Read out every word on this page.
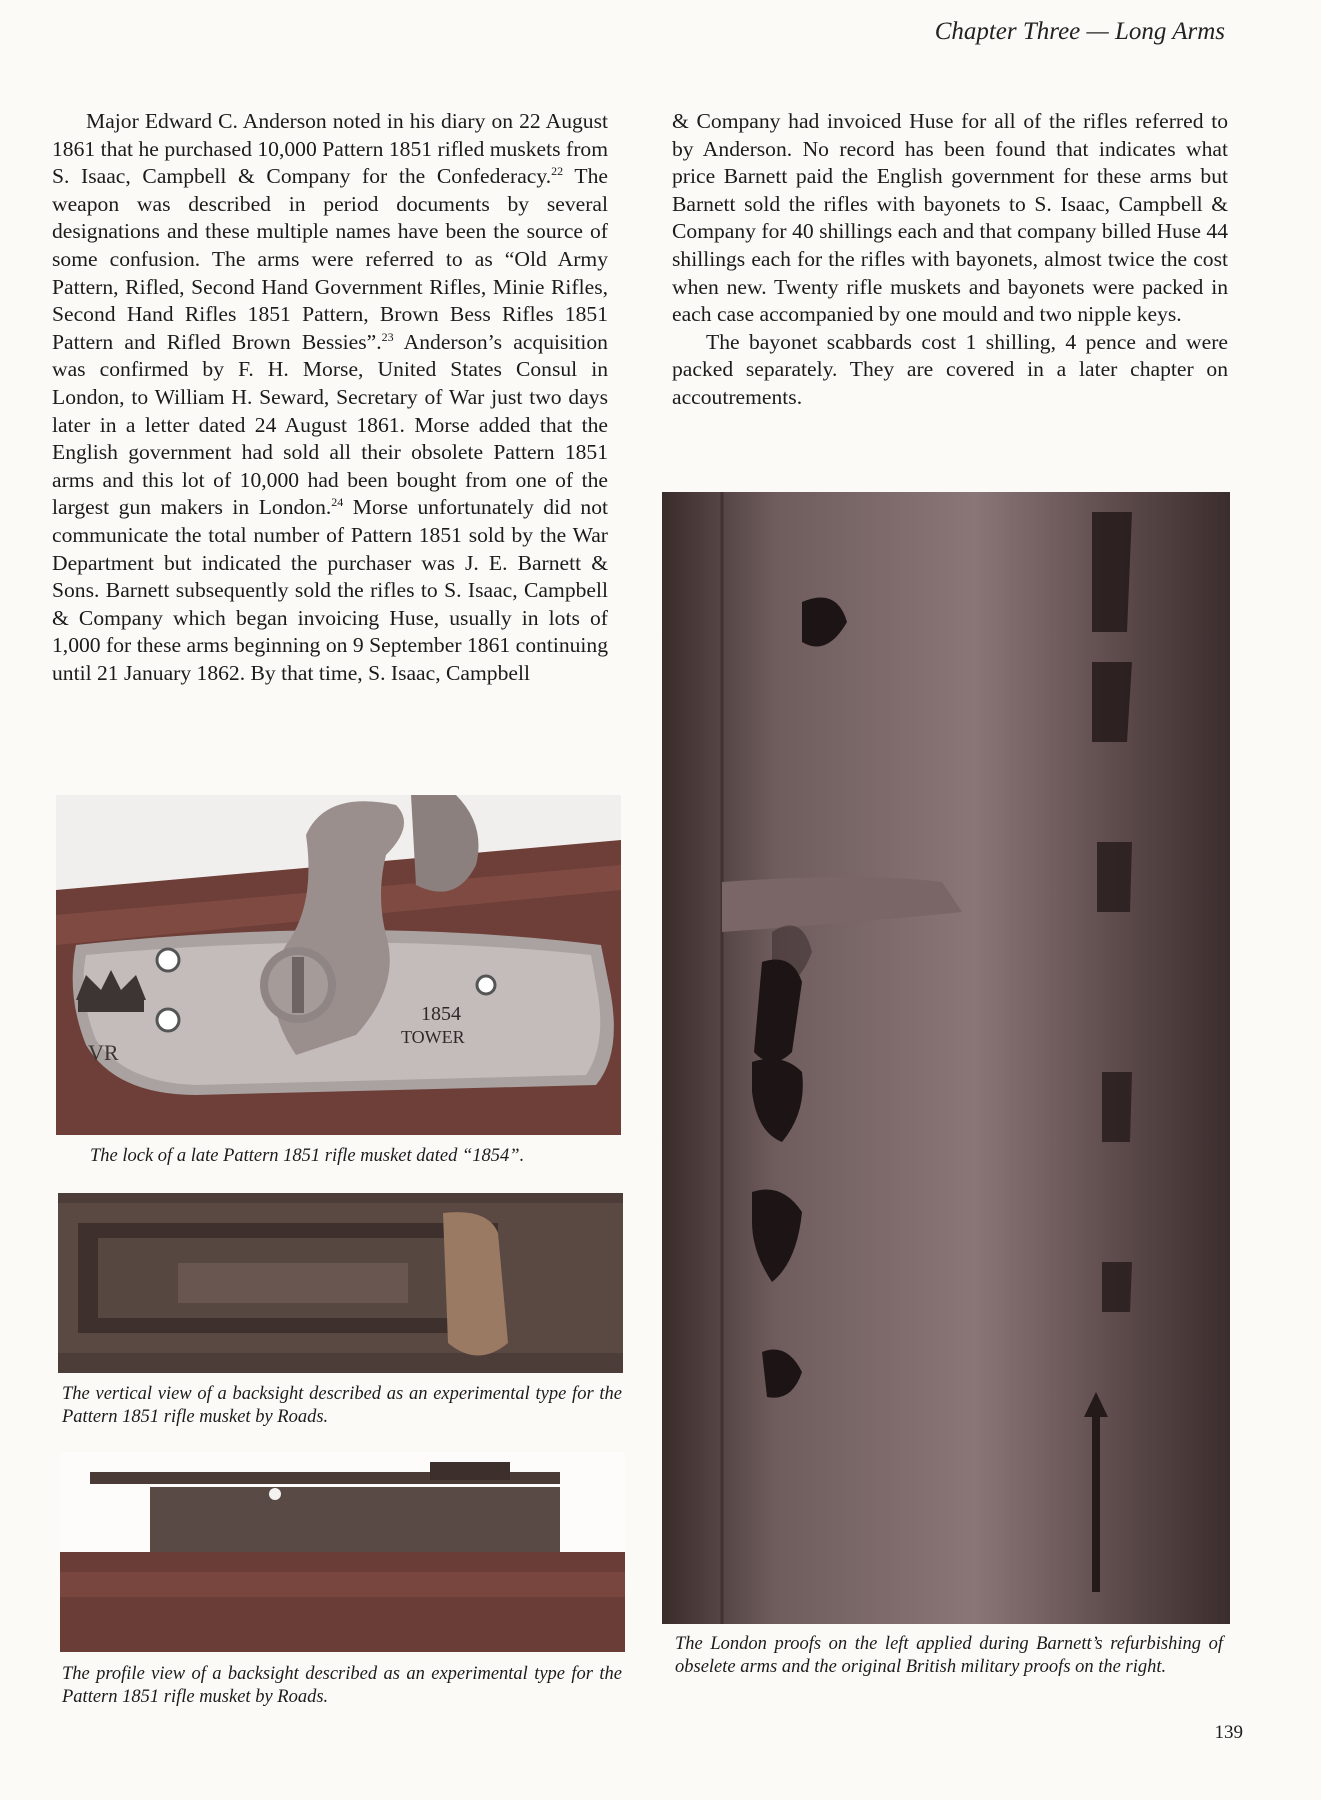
Chapter Three — Long Arms

Major Edward C. Anderson noted in his diary on 22 August 1861 that he purchased 10,000 Pattern 1851 rifled muskets from S. Isaac, Campbell & Company for the Confederacy.$^{22}$ The weapon was described in period documents by several designations and these multiple names have been the source of some confusion. The arms were referred to as “Old Army Pattern, Rifled, Second Hand Government Rifles, Minie Rifles, Second Hand Rifles 1851 Pattern, Brown Bess Rifles 1851 Pattern and Rifled Brown Bessies”.$^{23}$ Anderson’s acquisition was confirmed by F. H. Morse, United States Consul in London, to William H. Seward, Secretary of War just two days later in a letter dated 24 August 1861. Morse added that the English government had sold all their obsolete Pattern 1851 arms and this lot of 10,000 had been bought from one of the largest gun makers in London.$^{24}$ Morse unfortunately did not communicate the total number of Pattern 1851 sold by the War Department but indicated the purchaser was J. E. Barnett & Sons. Barnett subsequently sold the rifles to S. Isaac, Campbell & Company which began invoicing Huse, usually in lots of 1,000 for these arms beginning on 9 September 1861 continuing until 21 January 1862. By that time, S. Isaac, Campbell

& Company had invoiced Huse for all of the rifles referred to by Anderson. No record has been found that indicates what price Barnett paid the English government for these arms but Barnett sold the rifles with bayonets to S. Isaac, Campbell & Company for 40 shillings each and that company billed Huse 44 shillings each for the rifles with bayonets, almost twice the cost when new. Twenty rifle muskets and bayonets were packed in each case accompanied by one mould and two nipple keys.

The bayonet scabbards cost 1 shilling, 4 pence and were packed separately. They are covered in a later chapter on accoutrements.

VR
1854
TOWER
The lock of a late Pattern 1851 rifle musket dated “1854”.
The vertical view of a backsight described as an experimental type for the Pattern 1851 rifle musket by Roads.
The profile view of a backsight described as an experimental type for the Pattern 1851 rifle musket by Roads.
The London proofs on the left applied during Barnett’s refurbishing of obselete arms and the original British military proofs on the right.
139
